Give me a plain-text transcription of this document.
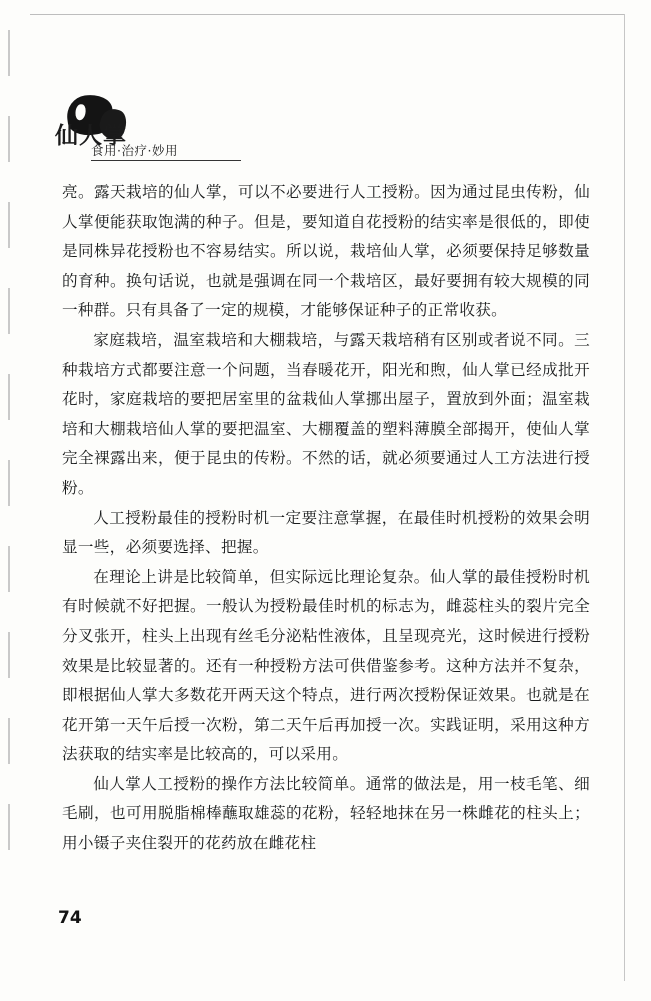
仙人掌
食用·治疗·妙用

亮。露天栽培的仙人掌，可以不必要进行人工授粉。因为通过昆虫传粉，仙人掌便能获取饱满的种子。但是，要知道自花授粉的结实率是很低的，即使是同株异花授粉也不容易结实。所以说，栽培仙人掌，必须要保持足够数量的育种。换句话说，也就是强调在同一个栽培区，最好要拥有较大规模的同一种群。只有具备了一定的规模，才能够保证种子的正常收获。

家庭栽培，温室栽培和大棚栽培，与露天栽培稍有区别或者说不同。三种栽培方式都要注意一个问题，当春暖花开，阳光和煦，仙人掌已经成批开花时，家庭栽培的要把居室里的盆栽仙人掌挪出屋子，置放到外面；温室栽培和大棚栽培仙人掌的要把温室、大棚覆盖的塑料薄膜全部揭开，使仙人掌完全裸露出来，便于昆虫的传粉。不然的话，就必须要通过人工方法进行授粉。

人工授粉最佳的授粉时机一定要注意掌握，在最佳时机授粉的效果会明显一些，必须要选择、把握。

在理论上讲是比较简单，但实际远比理论复杂。仙人掌的最佳授粉时机有时候就不好把握。一般认为授粉最佳时机的标志为，雌蕊柱头的裂片完全分叉张开，柱头上出现有丝毛分泌粘性液体，且呈现亮光，这时候进行授粉效果是比较显著的。还有一种授粉方法可供借鉴参考。这种方法并不复杂，即根据仙人掌大多数花开两天这个特点，进行两次授粉保证效果。也就是在花开第一天午后授一次粉，第二天午后再加授一次。实践证明，采用这种方法获取的结实率是比较高的，可以采用。

仙人掌人工授粉的操作方法比较简单。通常的做法是，用一枝毛笔、细毛刷，也可用脱脂棉棒蘸取雄蕊的花粉，轻轻地抹在另一株雌花的柱头上；用小镊子夹住裂开的花药放在雌花柱

74
